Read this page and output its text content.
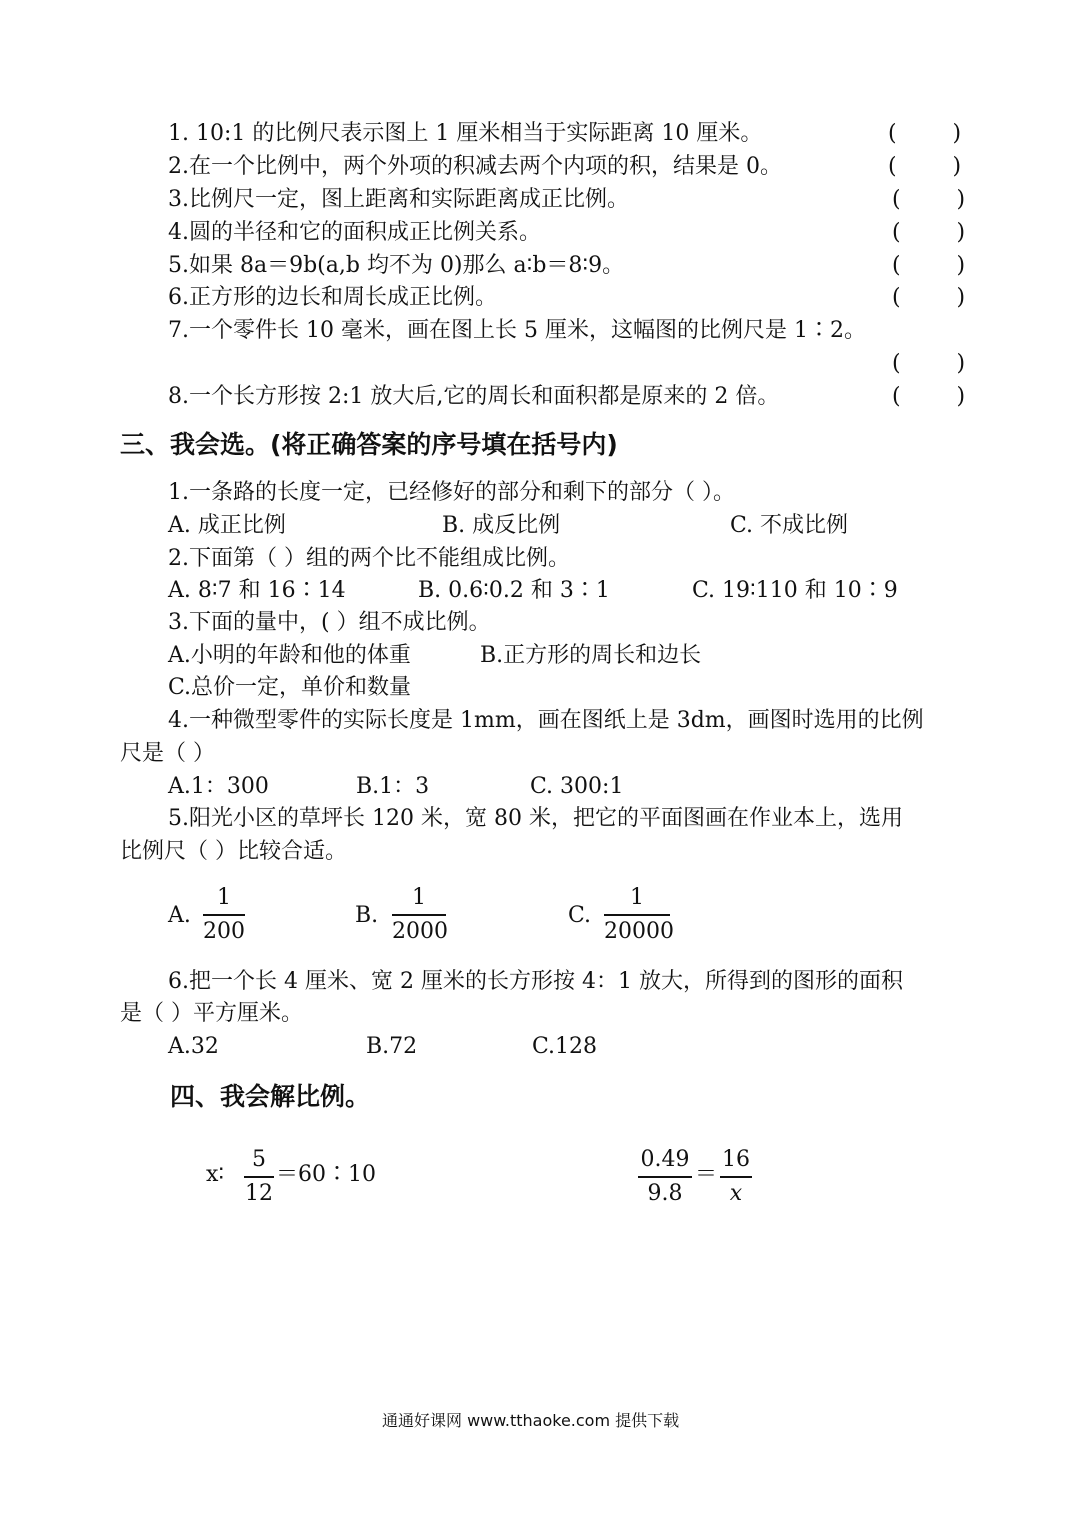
1. 10:1 的比例尺表示图上 1 厘米相当于实际距离 10 厘米。	(        )
2.在一个比例中，两个外项的积减去两个内项的积，结果是 0。	(        )
3.比例尺一定，图上距离和实际距离成正比例。	(        )
4.圆的半径和它的面积成正比例关系。	(        )
5.如果 8a＝9b(a,b 均不为 0)那么 a∶b＝8∶9。	(        )
6.正方形的边长和周长成正比例。	(        )
7.一个零件长 10 毫米，画在图上长 5 厘米，这幅图的比例尺是 1∶2。
(        )
8.一个长方形按 2:1 放大后,它的周长和面积都是原来的 2 倍。	(        )
三、我会选。(将正确答案的序号填在括号内)
1.一条路的长度一定，已经修好的部分和剩下的部分（ ）。
A. 成正比例	B. 成反比例	C. 不成比例
2.下面第（ ）组的两个比不能组成比例。
A. 8∶7 和 16∶14	B. 0.6∶0.2 和 3∶1	C. 19∶110 和 10∶9
3.下面的量中，( ）组不成比例。
A.小明的年龄和他的体重	B.正方形的周长和边长
C.总价一定，单价和数量
4.一种微型零件的实际长度是 1mm，画在图纸上是 3dm，画图时选用的比例
尺是（ ）
A.1：300	B.1：3	C. 300:1
5.阳光小区的草坪长 120 米，宽 80 米，把它的平面图画在作业本上，选用
比例尺（ ）比较合适。
A.
1
200
B.
1
2000
C.
1
20000
6.把一个长 4 厘米、宽 2 厘米的长方形按 4：1 放大，所得到的图形的面积
是（ ）平方厘米。
A.32	B.72	C.128
四、我会解比例。
x∶
5
12
＝60∶10
0.49
9.8
＝
16
x
通通好课网 www.tthaoke.com 提供下载
